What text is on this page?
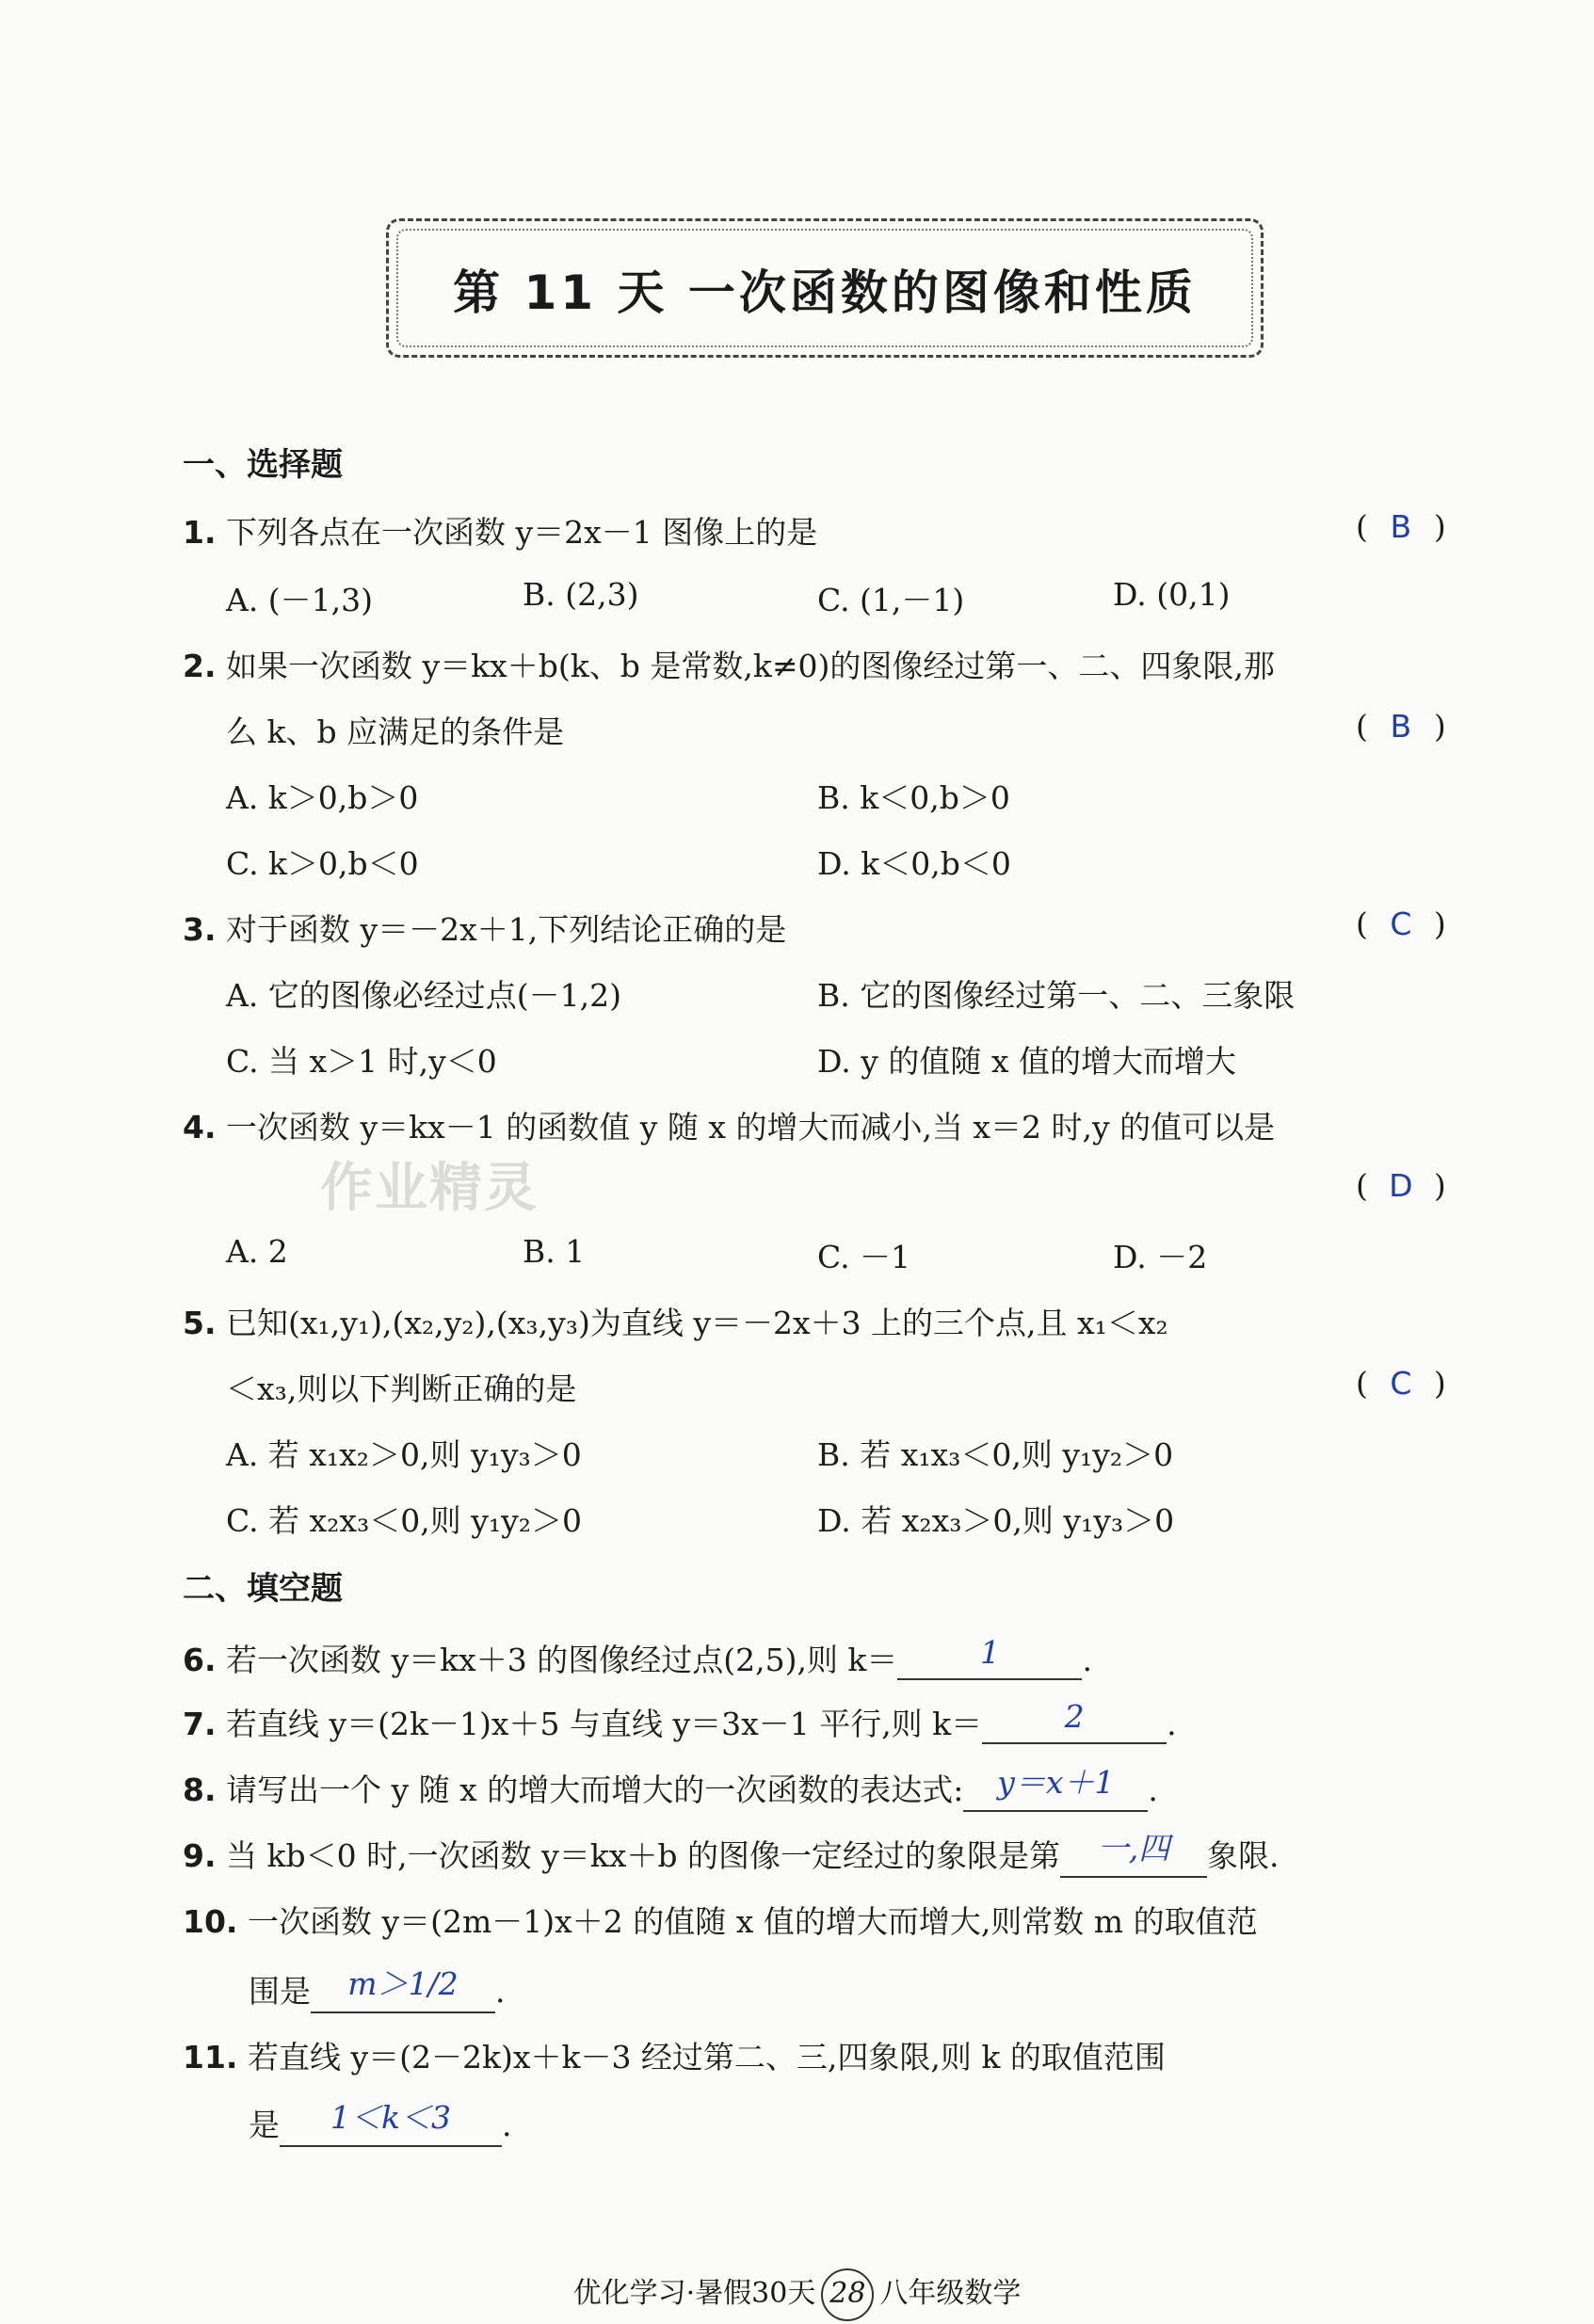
第 11 天 一次函数的图像和性质
作业精灵
一、选择题
1. 下列各点在一次函数 y＝2x－1 图像上的是	( B )
A. (－1,3)	B. (2,3)	C. (1,－1)	D. (0,1)
2. 如果一次函数 y＝kx＋b(k、b 是常数,k≠0)的图像经过第一、二、四象限,那
么 k、b 应满足的条件是	( B )
A. k＞0,b＞0	B. k＜0,b＞0
C. k＞0,b＜0	D. k＜0,b＜0
3. 对于函数 y＝－2x＋1,下列结论正确的是	( C )
A. 它的图像必经过点(－1,2)	B. 它的图像经过第一、二、三象限
C. 当 x＞1 时,y＜0	D. y 的值随 x 值的增大而增大
4. 一次函数 y＝kx－1 的函数值 y 随 x 的增大而减小,当 x＝2 时,y 的值可以是
( D )
A. 2	B. 1	C. －1	D. －2
5. 已知(x₁,y₁),(x₂,y₂),(x₃,y₃)为直线 y＝－2x＋3 上的三个点,且 x₁＜x₂
＜x₃,则以下判断正确的是	( C )
A. 若 x₁x₂＞0,则 y₁y₃＞0	B. 若 x₁x₃＜0,则 y₁y₂＞0
C. 若 x₂x₃＜0,则 y₁y₂＞0	D. 若 x₂x₃＞0,则 y₁y₃＞0
二、填空题
6. 若一次函数 y＝kx＋3 的图像经过点(2,5),则 k＝	1	.
7. 若直线 y＝(2k－1)x＋5 与直线 y＝3x－1 平行,则 k＝	2	.
8. 请写出一个 y 随 x 的增大而增大的一次函数的表达式: y＝x＋1 .
9. 当 kb＜0 时,一次函数 y＝kx＋b 的图像一定经过的象限是第 一,四 象限.
10. 一次函数 y＝(2m－1)x＋2 的值随 x 值的增大而增大,则常数 m 的取值范
围是 m＞1/2 .
11. 若直线 y＝(2－2k)x＋k－3 经过第二、三,四象限,则 k 的取值范围
是 1＜k＜3 .
优化学习·暑假30天 28 八年级数学
